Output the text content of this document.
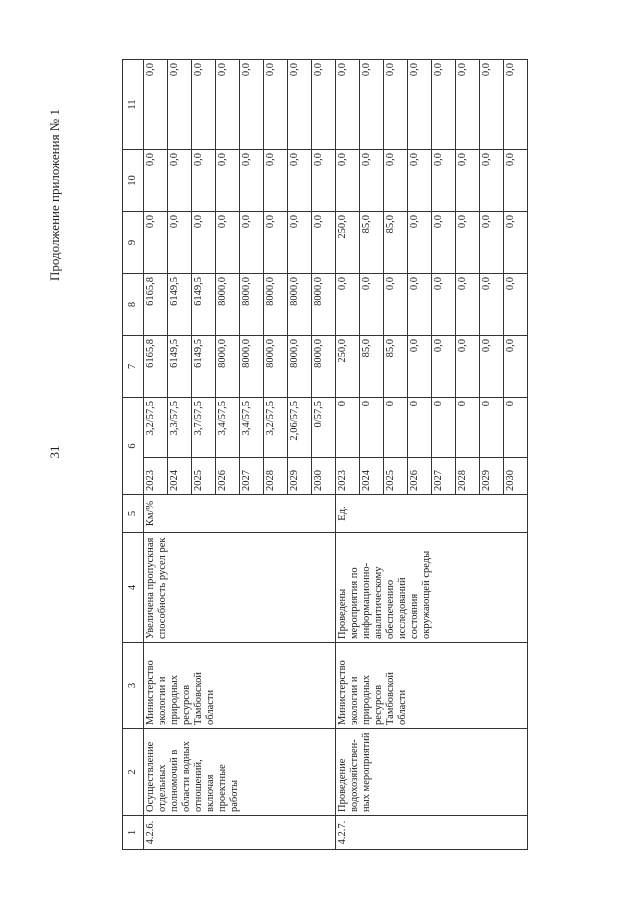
31
Продолжение приложения № 1
1	2	3	4	5	6		7	8	9	10	11
4.2.6.	Осуществление отдельных полномочий в области водных отношений, включая проектные работы	Министерство экологии и природных ресурсов Тамбовской области	Увеличена пропускная способность русел рек	Км/%	2023	3,2/57,5	6165,8	6165,8	0,0	0,0	0,0
					2024	3,3/57,5	6149,5	6149,5	0,0	0,0	0,0
					2025	3,7/57,5	6149,5	6149,5	0,0	0,0	0,0
					2026	3,4/57,5	8000,0	8000,0	0,0	0,0	0,0
					2027	3,4/57,5	8000,0	8000,0	0,0	0,0	0,0
					2028	3,2/57,5	8000,0	8000,0	0,0	0,0	0,0
					2029	2,06/57,5	8000,0	8000,0	0,0	0,0	0,0
					2030	0/57,5	8000,0	8000,0	0,0	0,0	0,0
4.2.7.	Проведение водохозяйствен-ных мероприятий	Министерство экологии и природных ресурсов Тамбовской области	Проведены мероприятия по информационно-аналитическому обеспечению исследований состояния окружающей среды	Ед.	2023	0	250,0	0,0	250,0	0,0	0,0
					2024	0	85,0	0,0	85,0	0,0	0,0
					2025	0	85,0	0,0	85,0	0,0	0,0
					2026	0	0,0	0,0	0,0	0,0	0,0
					2027	0	0,0	0,0	0,0	0,0	0,0
					2028	0	0,0	0,0	0,0	0,0	0,0
					2029	0	0,0	0,0	0,0	0,0	0,0
					2030	0	0,0	0,0	0,0	0,0	0,0
